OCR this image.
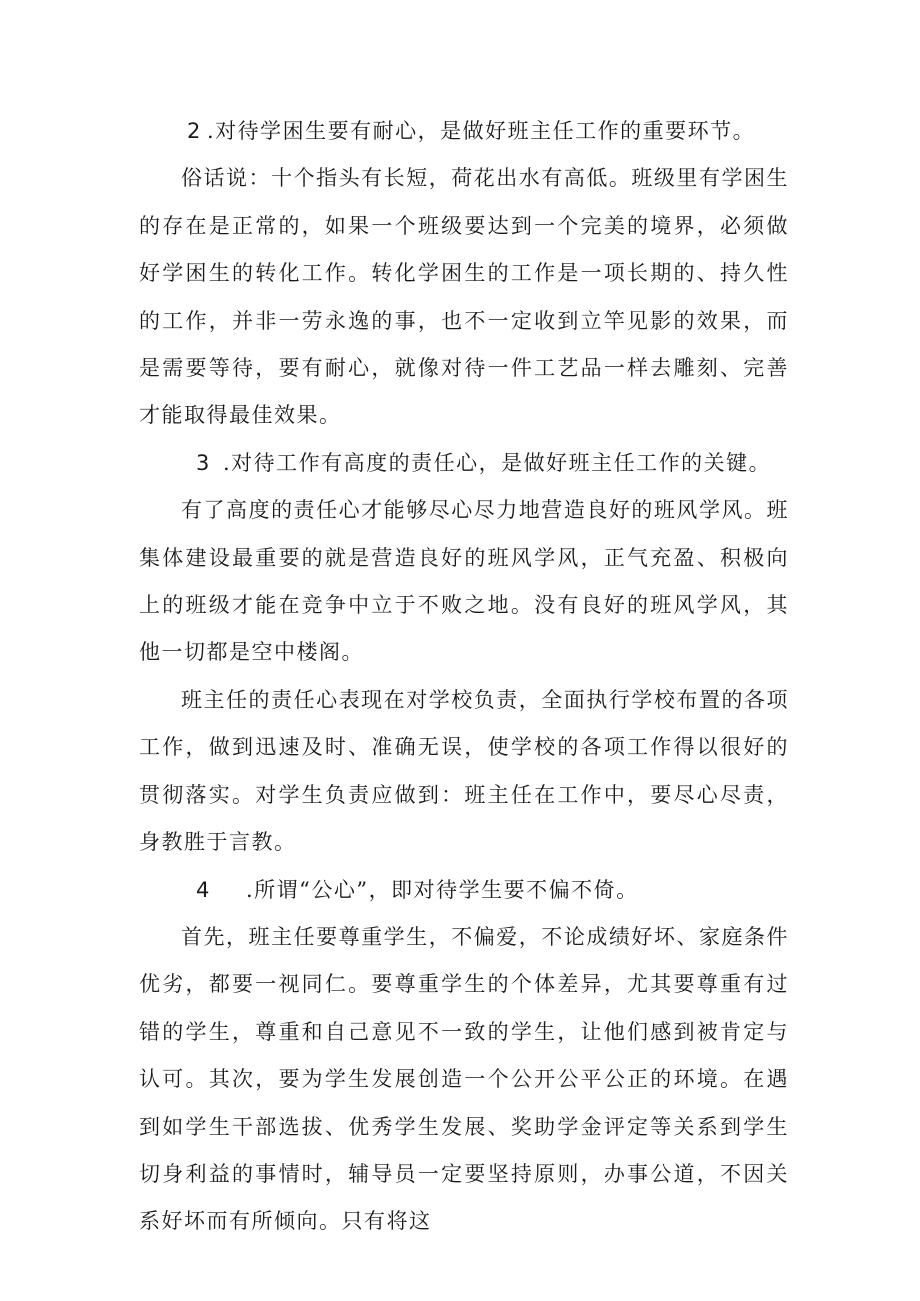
2 .对待学困生要有耐心，是做好班主任工作的重要环节。

俗话说：十个指头有长短，荷花出水有高低。班级里有学困生的存在是正常的，如果一个班级要达到一个完美的境界，必须做好学困生的转化工作。转化学困生的工作是一项长期的、持久性的工作，并非一劳永逸的事，也不一定收到立竿见影的效果，而是需要等待，要有耐心，就像对待一件工艺品一样去雕刻、完善才能取得最佳效果。

3 .对待工作有高度的责任心，是做好班主任工作的关键。

有了高度的责任心才能够尽心尽力地营造良好的班风学风。班集体建设最重要的就是营造良好的班风学风，正气充盈、积极向上的班级才能在竞争中立于不败之地。没有良好的班风学风，其他一切都是空中楼阁。

班主任的责任心表现在对学校负责，全面执行学校布置的各项工作，做到迅速及时、准确无误，使学校的各项工作得以很好的贯彻落实。对学生负责应做到：班主任在工作中，要尽心尽责，身教胜于言教。

4 .所谓“公心”，即对待学生要不偏不倚。

首先，班主任要尊重学生，不偏爱，不论成绩好坏、家庭条件优劣，都要一视同仁。要尊重学生的个体差异，尤其要尊重有过错的学生，尊重和自己意见不一致的学生，让他们感到被肯定与认可。其次，要为学生发展创造一个公开公平公正的环境。在遇到如学生干部选拔、优秀学生发展、奖助学金评定等关系到学生切身利益的事情时，辅导员一定要坚持原则，办事公道，不因关系好坏而有所倾向。只有将这
